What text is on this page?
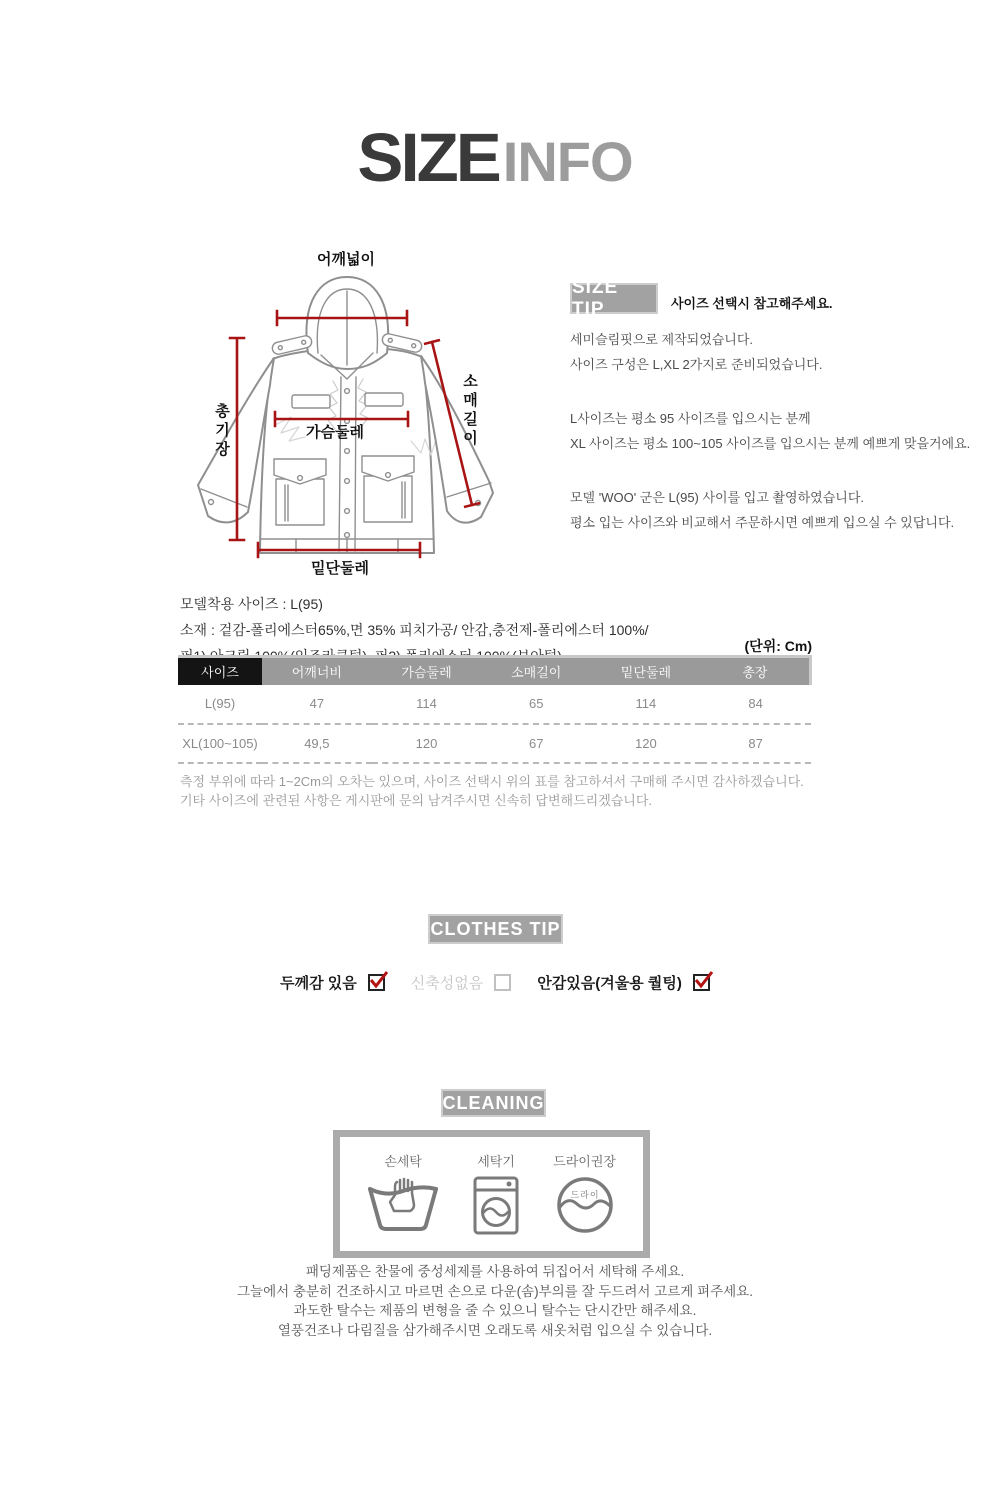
SIZEINFO
어깨넓이
총기장	소매길이
가슴둘레
밑단둘레
SIZE TIP	사이즈 선택시 참고해주세요.
세미슬림핏으로 제작되었습니다.
사이즈 구성은 L,XL 2가지로 준비되었습니다.
L사이즈는 평소 95 사이즈를 입으시는 분께
XL 사이즈는 평소 100~105 사이즈를 입으시는 분께 예쁘게 맞을거에요.
모델 'WOO' 군은 L(95) 사이를 입고 촬영하였습니다.
평소 입는 사이즈와 비교해서 주문하시면 예쁘게 입으실 수 있답니다.
모델착용 사이즈 : L(95)
소재 : 겉감-폴리에스터65%,면 35% 피치가공/ 안감,충전제-폴리에스터 100%/
(단위: Cm)
사이즈	어깨너비	가슴둘레	소매길이	밑단둘레	총장
L(95)	47	114	65	114	84
XL(100~105)	49,5	120	67	120	87
측정 부위에 따라 1~2Cm의 오차는 있으며, 사이즈 선택시 위의 표를 참고하셔서 구매해 주시면 감사하겠습니다.
기타 사이즈에 관련된 사항은 게시판에 문의 남겨주시면 신속히 답변해드리겠습니다.
CLOTHES TIP
두께감 있음	신축성없음	안감있음(겨울용 퀄팅)
CLEANING
손세탁	세탁기	드라이권장
드라이
패딩제품은 찬물에 중성세제를 사용하여 뒤집어서 세탁해 주세요.
그늘에서 충분히 건조하시고 마르면 손으로 다운(솜)부의를 잘 두드려서 고르게 펴주세요.
과도한 탈수는 제품의 변형을 줄 수 있으니 탈수는 단시간만 해주세요.
열풍건조나 다림질을 삼가해주시면 오래도록 새옷처럼 입으실 수 있습니다.
